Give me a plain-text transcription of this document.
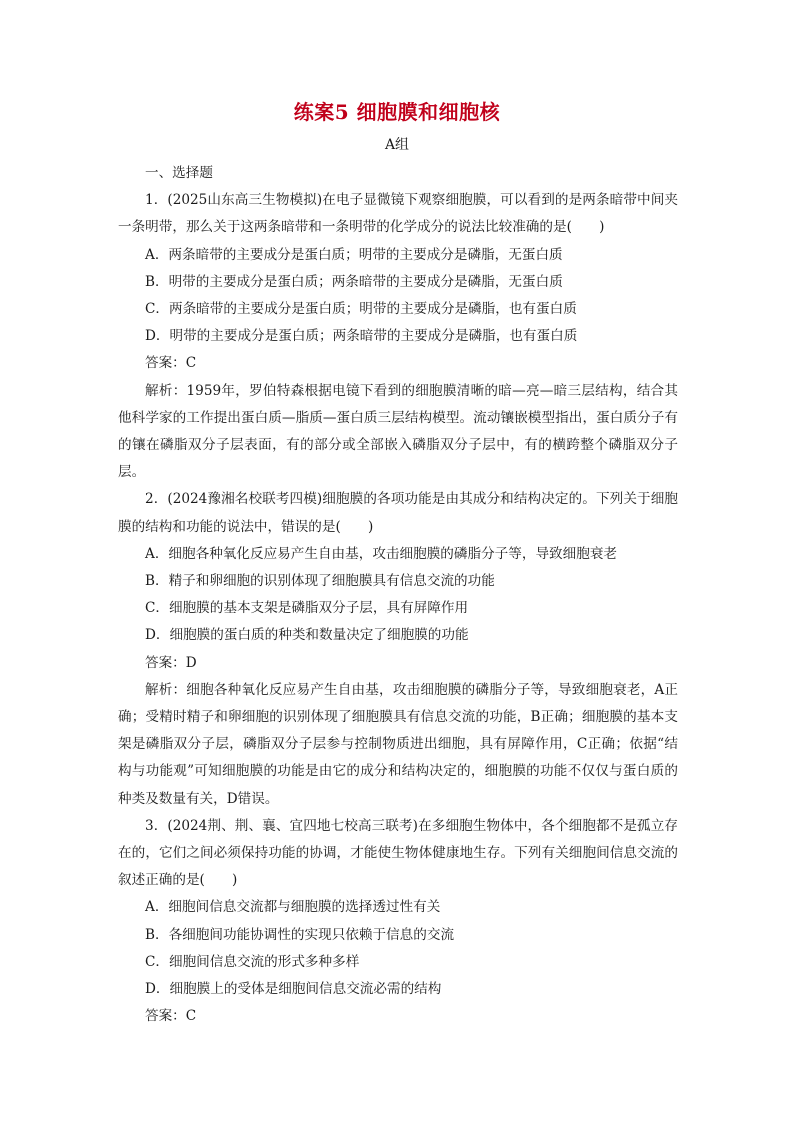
练案5 细胞膜和细胞核
A组
一、选择题
1．(2025山东高三生物模拟)在电子显微镜下观察细胞膜，可以看到的是两条暗带中间夹一条明带，那么关于这两条暗带和一条明带的化学成分的说法比较准确的是(　　)
A．两条暗带的主要成分是蛋白质；明带的主要成分是磷脂，无蛋白质
B．明带的主要成分是蛋白质；两条暗带的主要成分是磷脂，无蛋白质
C．两条暗带的主要成分是蛋白质；明带的主要成分是磷脂，也有蛋白质
D．明带的主要成分是蛋白质；两条暗带的主要成分是磷脂，也有蛋白质
答案：C
解析：1959年，罗伯特森根据电镜下看到的细胞膜清晰的暗—亮—暗三层结构，结合其他科学家的工作提出蛋白质—脂质—蛋白质三层结构模型。流动镶嵌模型指出，蛋白质分子有的镶在磷脂双分子层表面，有的部分或全部嵌入磷脂双分子层中，有的横跨整个磷脂双分子层。
2．(2024豫湘名校联考四模)细胞膜的各项功能是由其成分和结构决定的。下列关于细胞膜的结构和功能的说法中，错误的是(　　)
A．细胞各种氧化反应易产生自由基，攻击细胞膜的磷脂分子等，导致细胞衰老
B．精子和卵细胞的识别体现了细胞膜具有信息交流的功能
C．细胞膜的基本支架是磷脂双分子层，具有屏障作用
D．细胞膜的蛋白质的种类和数量决定了细胞膜的功能
答案：D
解析：细胞各种氧化反应易产生自由基，攻击细胞膜的磷脂分子等，导致细胞衰老，A正确；受精时精子和卵细胞的识别体现了细胞膜具有信息交流的功能，B正确；细胞膜的基本支架是磷脂双分子层，磷脂双分子层参与控制物质进出细胞，具有屏障作用，C正确；依据“结构与功能观”可知细胞膜的功能是由它的成分和结构决定的，细胞膜的功能不仅仅与蛋白质的种类及数量有关，D错误。
3．(2024荆、荆、襄、宜四地七校高三联考)在多细胞生物体中，各个细胞都不是孤立存在的，它们之间必须保持功能的协调，才能使生物体健康地生存。下列有关细胞间信息交流的叙述正确的是(　　)
A．细胞间信息交流都与细胞膜的选择透过性有关
B．各细胞间功能协调性的实现只依赖于信息的交流
C．细胞间信息交流的形式多种多样
D．细胞膜上的受体是细胞间信息交流必需的结构
答案：C
